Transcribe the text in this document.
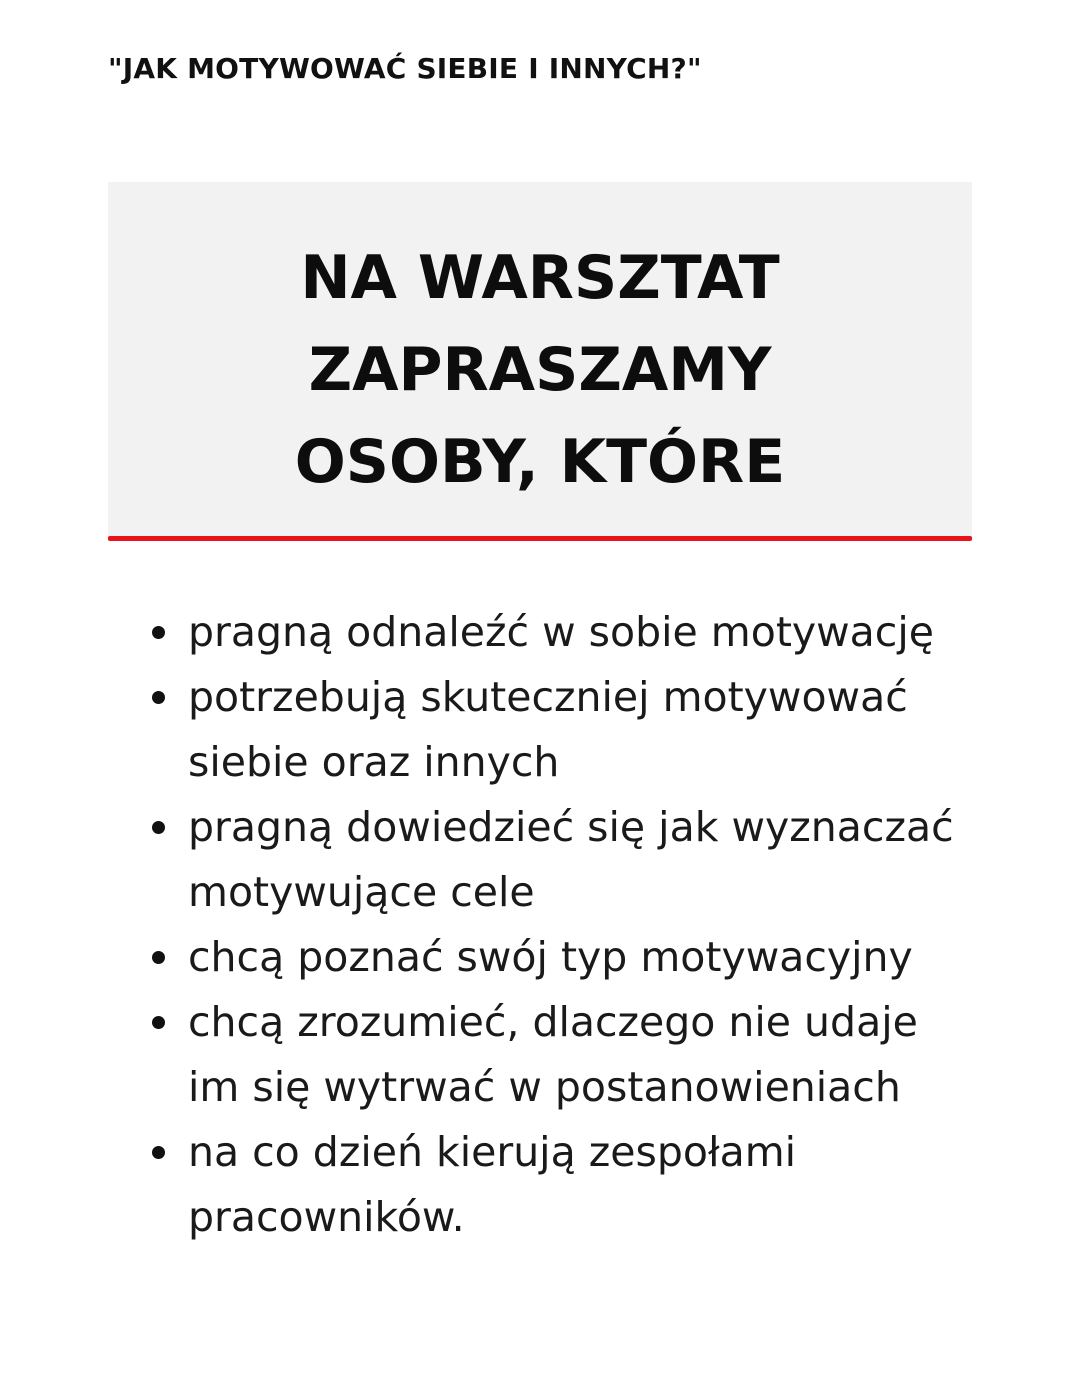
"JAK MOTYWOWAĆ SIEBIE I INNYCH?"
NA WARSZTAT
ZAPRASZAMY
OSOBY, KTÓRE
pragną odnaleźć w sobie motywację
potrzebują skuteczniej motywować
siebie oraz innych
pragną dowiedzieć się jak wyznaczać
motywujące cele
chcą poznać swój typ motywacyjny
chcą zrozumieć, dlaczego nie udaje
im się wytrwać w postanowieniach
na co dzień kierują zespołami
pracowników.
